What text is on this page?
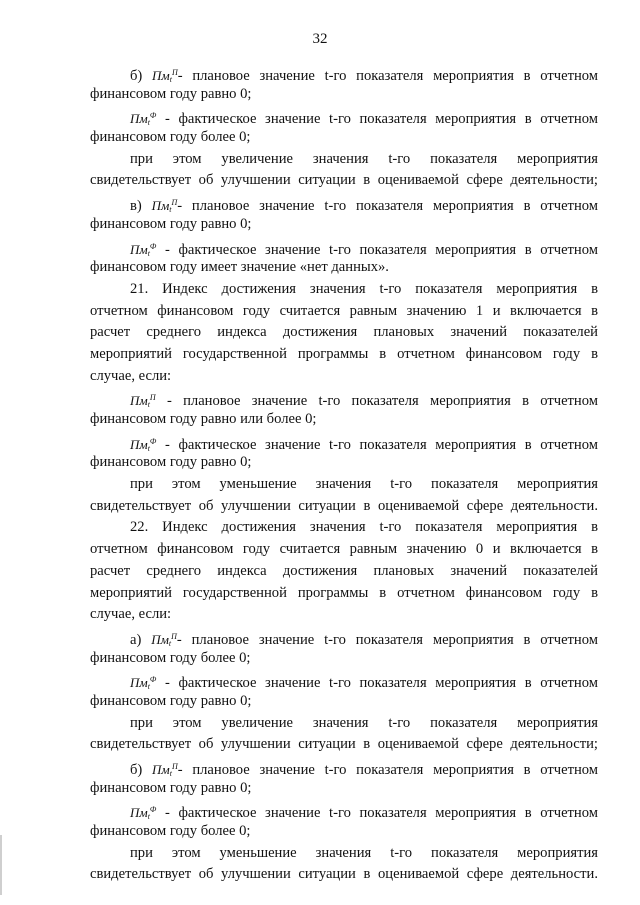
32
б) $Пм_t^П-$ плановое значение t-го показателя мероприятия в отчетном
финансовом году равно 0;
$Пм_t^Ф$ - фактическое значение t-го показателя мероприятия в отчетном
финансовом году более 0;
при этом увеличение значения t-го показателя мероприятия
свидетельствует об улучшении ситуации в оцениваемой сфере деятельности;
в) $Пм_t^П-$ плановое значение t-го показателя мероприятия в отчетном
финансовом году равно 0;
$Пм_t^Ф$ - фактическое значение t-го показателя мероприятия в отчетном
финансовом году имеет значение «нет данных».
21. Индекс достижения значения t-го показателя мероприятия в
отчетном финансовом году считается равным значению 1 и включается в
расчет среднего индекса достижения плановых значений показателей
мероприятий государственной программы в отчетном финансовом году в
случае, если:
$Пм_t^П$ - плановое значение t-го показателя мероприятия в отчетном
финансовом году равно или более 0;
$Пм_t^Ф$ - фактическое значение t-го показателя мероприятия в отчетном
финансовом году равно 0;
при этом уменьшение значения t-го показателя мероприятия
свидетельствует об улучшении ситуации в оцениваемой сфере деятельности.
22. Индекс достижения значения t-го показателя мероприятия в
отчетном финансовом году считается равным значению 0 и включается в
расчет среднего индекса достижения плановых значений показателей
мероприятий государственной программы в отчетном финансовом году в
случае, если:
а) $Пм_t^П-$ плановое значение t-го показателя мероприятия в отчетном
финансовом году более 0;
$Пм_t^Ф$ - фактическое значение t-го показателя мероприятия в отчетном
финансовом году равно 0;
при этом увеличение значения t-го показателя мероприятия
свидетельствует об улучшении ситуации в оцениваемой сфере деятельности;
б) $Пм_t^П-$ плановое значение t-го показателя мероприятия в отчетном
финансовом году равно 0;
$Пм_t^Ф$ - фактическое значение t-го показателя мероприятия в отчетном
финансовом году более 0;
при этом уменьшение значения t-го показателя мероприятия
свидетельствует об улучшении ситуации в оцениваемой сфере деятельности.
